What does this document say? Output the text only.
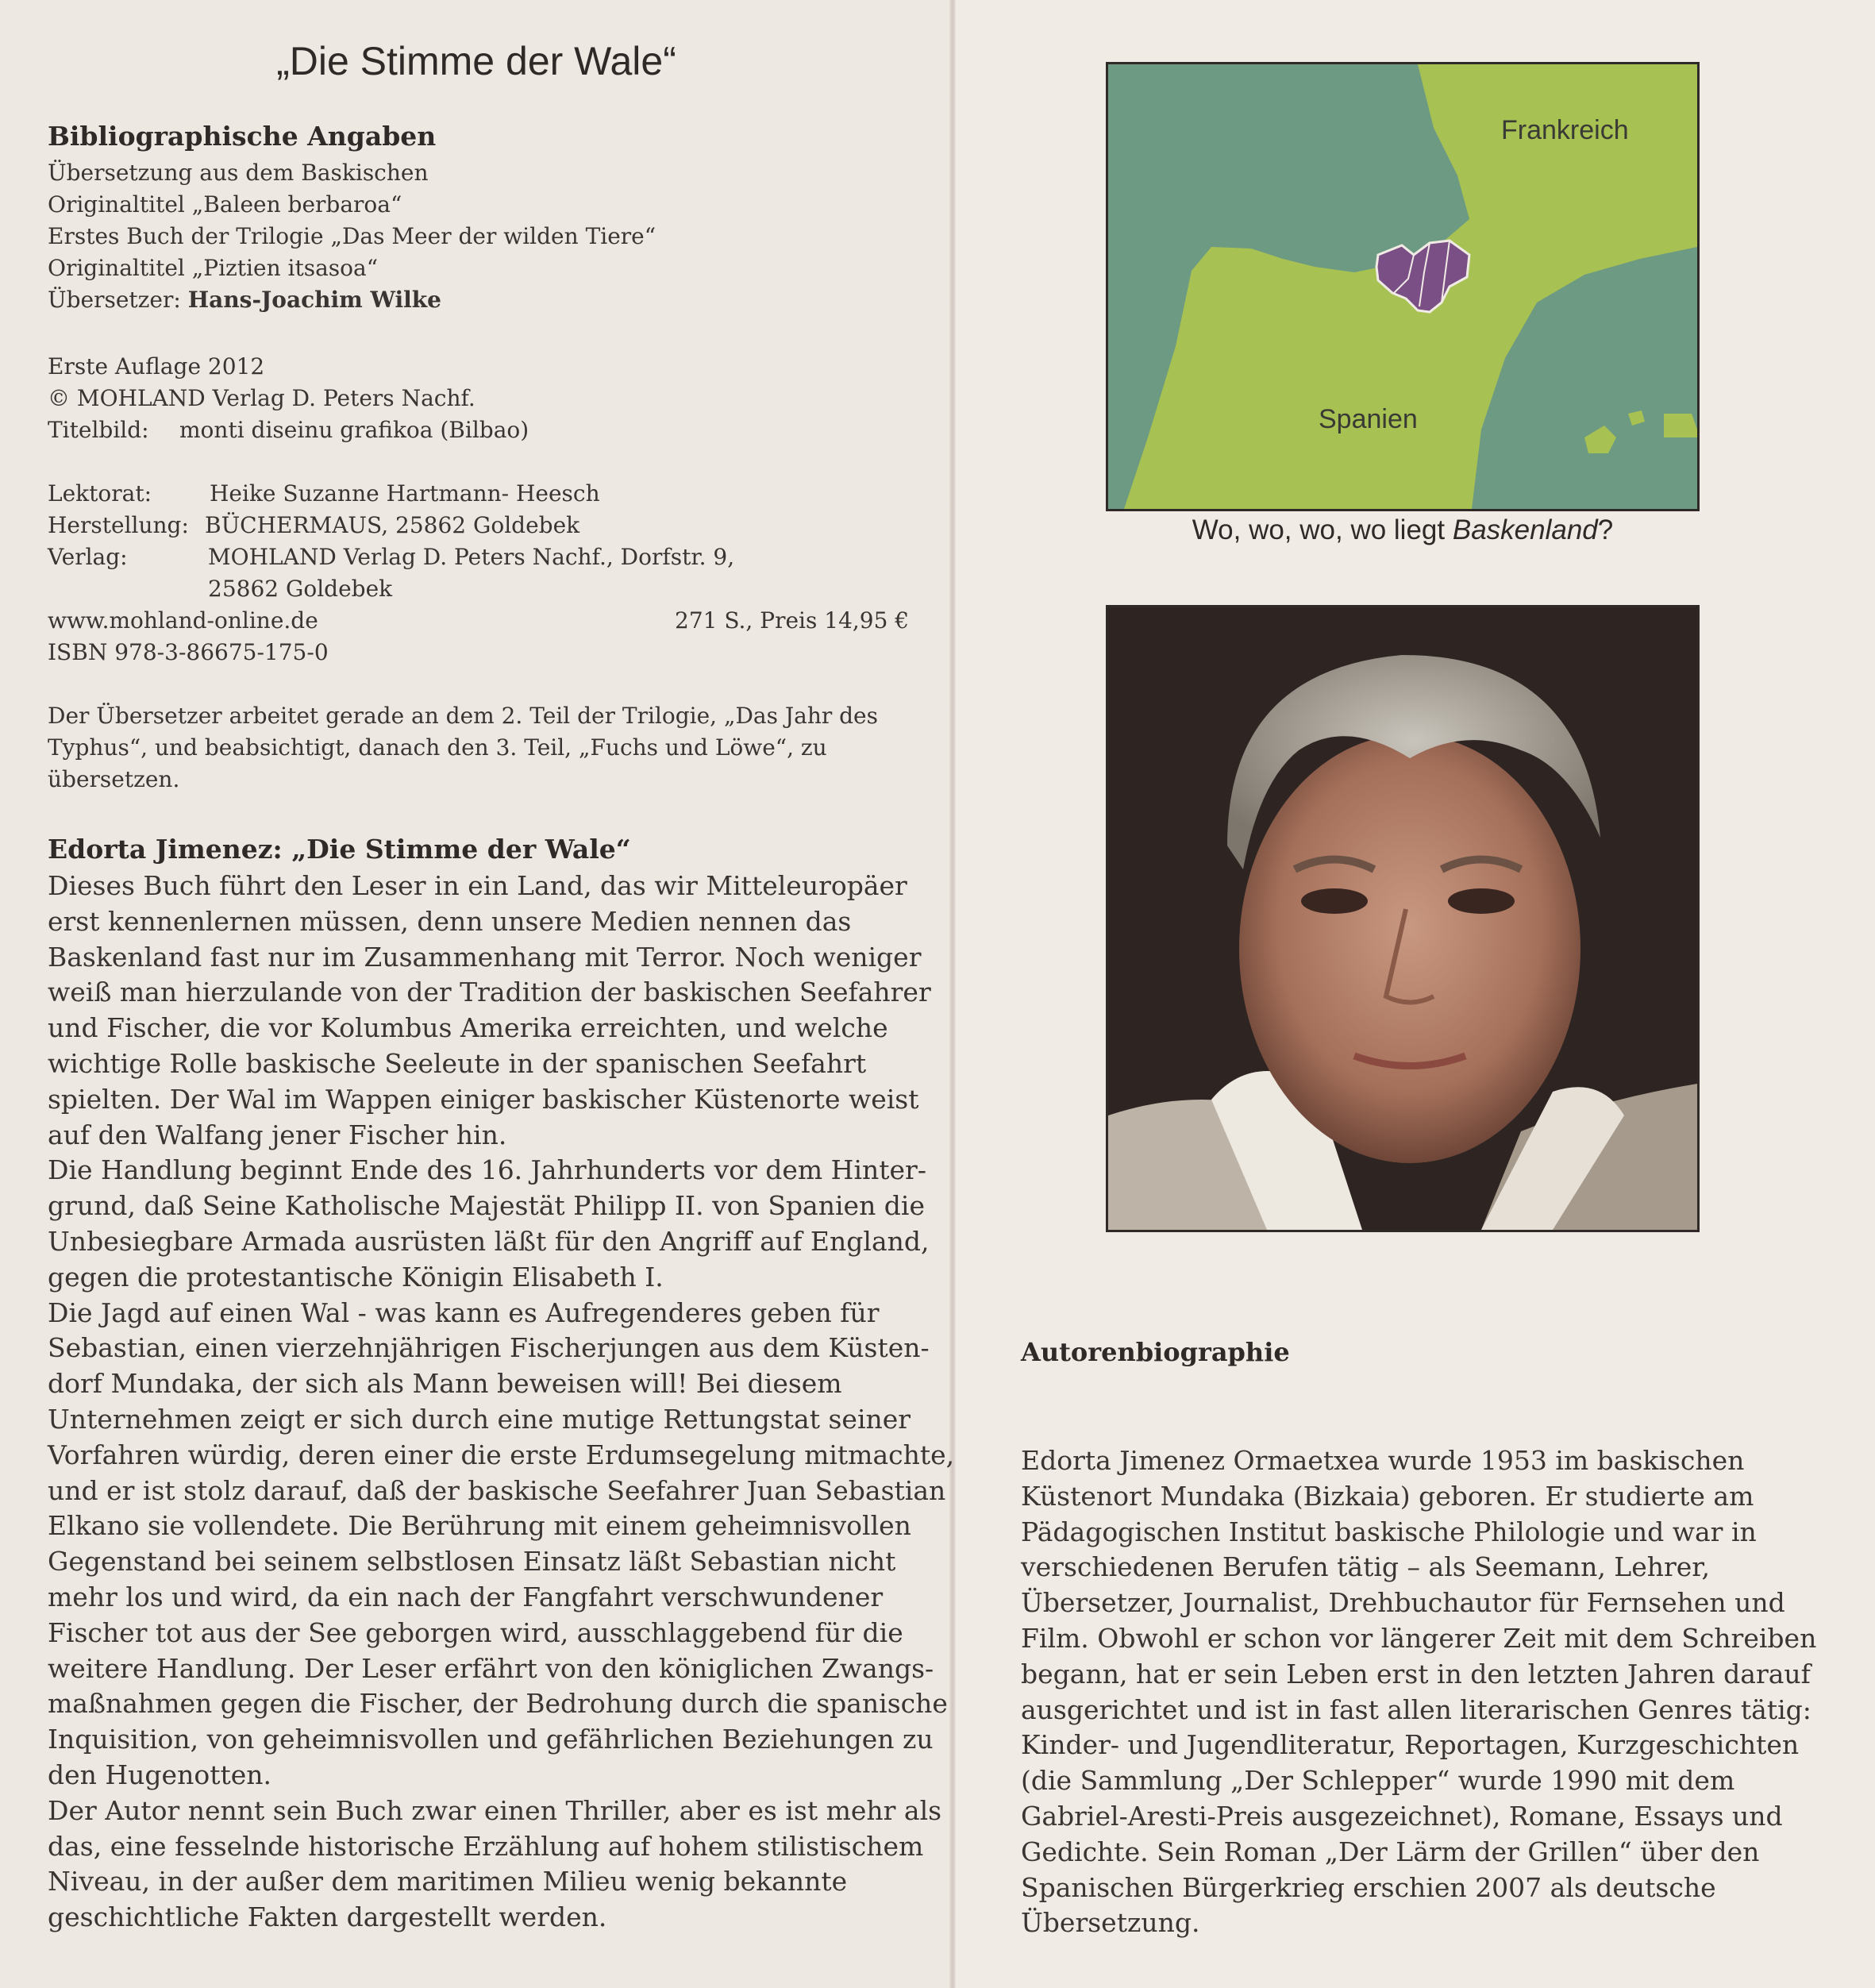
„Die Stimme der Wale“
Bibliographische Angaben
Übersetzung aus dem Baskischen
Originaltitel „Baleen berbaroa“
Erstes Buch der Trilogie „Das Meer der wilden Tiere“
Originaltitel „Piztien itsasoa“
Übersetzer: Hans-Joachim Wilke
Erste Auflage 2012
© MOHLAND Verlag D. Peters Nachf.
Titelbild: monti diseinu grafikoa (Bilbao)
Lektorat:	Heike Suzanne Hartmann- Heesch
Herstellung: BÜCHERMAUS, 25862 Goldebek
Verlag:	MOHLAND Verlag D. Peters Nachf., Dorfstr. 9,
25862 Goldebek
www.mohland-online.de	271 S., Preis 14,95 €
ISBN 978-3-86675-175-0
Der Übersetzer arbeitet gerade an dem 2. Teil der Trilogie, „Das Jahr des
Typhus“, und beabsichtigt, danach den 3. Teil, „Fuchs und Löwe“, zu
übersetzen.
Edorta Jimenez: „Die Stimme der Wale“
Dieses Buch führt den Leser in ein Land, das wir Mitteleuropäer
erst kennenlernen müssen, denn unsere Medien nennen das
Baskenland fast nur im Zusammenhang mit Terror. Noch weniger
weiß man hierzulande von der Tradition der baskischen Seefahrer
und Fischer, die vor Kolumbus Amerika erreichten, und welche
wichtige Rolle baskische Seeleute in der spanischen Seefahrt
spielten. Der Wal im Wappen einiger baskischer Küstenorte weist
auf den Walfang jener Fischer hin.
Die Handlung beginnt Ende des 16. Jahrhunderts vor dem Hinter-
grund, daß Seine Katholische Majestät Philipp II. von Spanien die
Unbesiegbare Armada ausrüsten läßt für den Angriff auf England,
gegen die protestantische Königin Elisabeth I.
Die Jagd auf einen Wal - was kann es Aufregenderes geben für
Sebastian, einen vierzehnjährigen Fischerjungen aus dem Küsten-
dorf Mundaka, der sich als Mann beweisen will! Bei diesem
Unternehmen zeigt er sich durch eine mutige Rettungstat seiner
Vorfahren würdig, deren einer die erste Erdumsegelung mitmachte,
und er ist stolz darauf, daß der baskische Seefahrer Juan Sebastian
Elkano sie vollendete. Die Berührung mit einem geheimnisvollen
Gegenstand bei seinem selbstlosen Einsatz läßt Sebastian nicht
mehr los und wird, da ein nach der Fangfahrt verschwundener
Fischer tot aus der See geborgen wird, ausschlaggebend für die
weitere Handlung. Der Leser erfährt von den königlichen Zwangs-
maßnahmen gegen die Fischer, der Bedrohung durch die spanische
Inquisition, von geheimnisvollen und gefährlichen Beziehungen zu
den Hugenotten.
Der Autor nennt sein Buch zwar einen Thriller, aber es ist mehr als
das, eine fesselnde historische Erzählung auf hohem stilistischem
Niveau, in der außer dem maritimen Milieu wenig bekannte
geschichtliche Fakten dargestellt werden.
Frankreich
Spanien
Wo, wo, wo, wo liegt Baskenland?
Autorenbiographie
Edorta Jimenez Ormaetxea wurde 1953 im baskischen
Küstenort Mundaka (Bizkaia) geboren. Er studierte am
Pädagogischen Institut baskische Philologie und war in
verschiedenen Berufen tätig – als Seemann, Lehrer,
Übersetzer, Journalist, Drehbuchautor für Fernsehen und
Film. Obwohl er schon vor längerer Zeit mit dem Schreiben
begann, hat er sein Leben erst in den letzten Jahren darauf
ausgerichtet und ist in fast allen literarischen Genres tätig:
Kinder- und Jugendliteratur, Reportagen, Kurzgeschichten
(die Sammlung „Der Schlepper“ wurde 1990 mit dem
Gabriel-Aresti-Preis ausgezeichnet), Romane, Essays und
Gedichte. Sein Roman „Der Lärm der Grillen“ über den
Spanischen Bürgerkrieg erschien 2007 als deutsche
Übersetzung.
